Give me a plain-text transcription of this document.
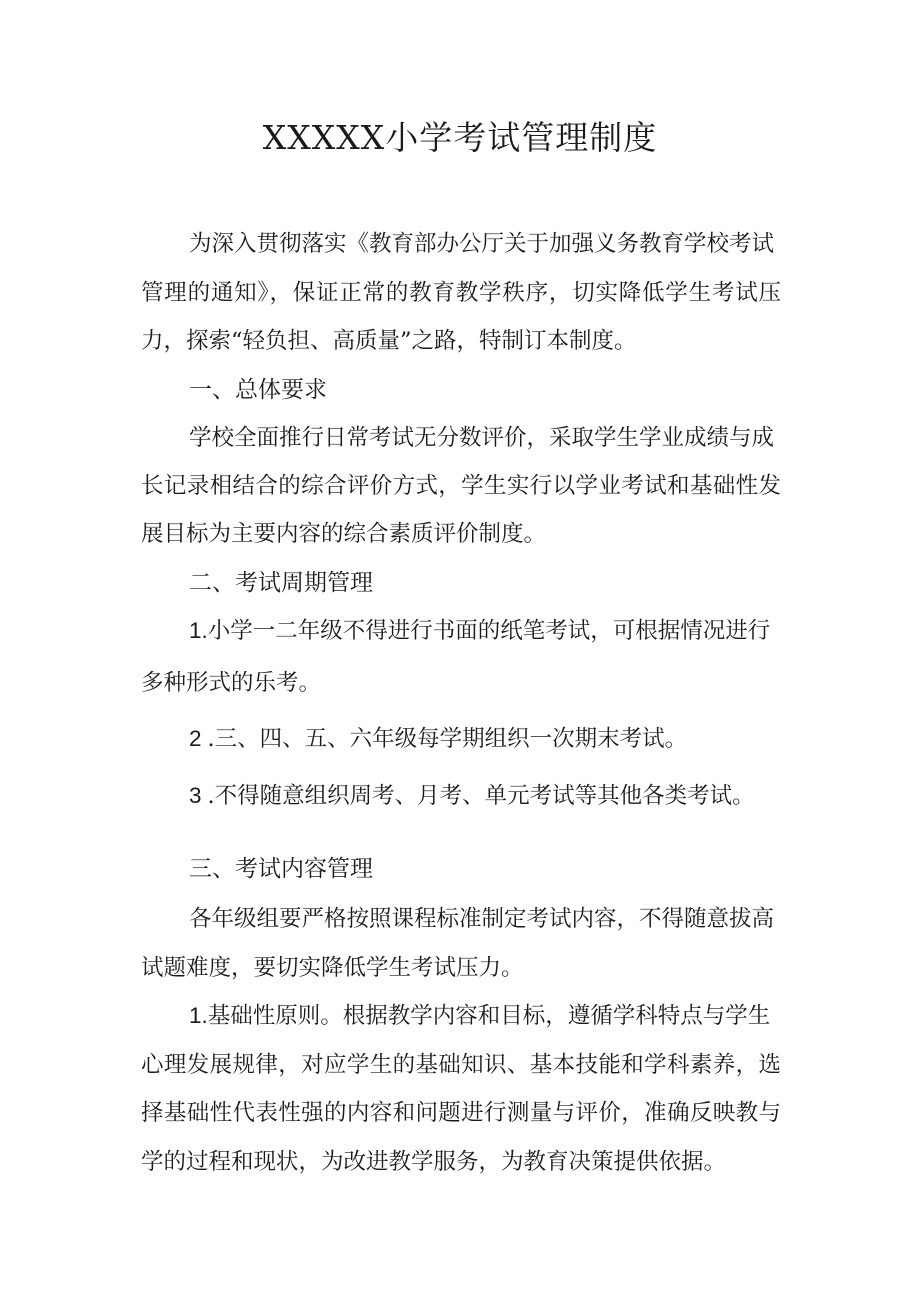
XXXXX小学考试管理制度

为深入贯彻落实《教育部办公厅关于加强义务教育学校考试

管理的通知》，保证正常的教育教学秩序，切实降低学生考试压

力，探索“轻负担、高质量”之路，特制订本制度。

一、总体要求

学校全面推行日常考试无分数评价，采取学生学业成绩与成

长记录相结合的综合评价方式，学生实行以学业考试和基础性发

展目标为主要内容的综合素质评价制度。

二、考试周期管理

1.小学一二年级不得进行书面的纸笔考试，可根据情况进行

多种形式的乐考。

2 .三、四、五、六年级每学期组织一次期末考试。

3 .不得随意组织周考、月考、单元考试等其他各类考试。

三、考试内容管理

各年级组要严格按照课程标准制定考试内容，不得随意拔高

试题难度，要切实降低学生考试压力。

1.基础性原则。根据教学内容和目标，遵循学科特点与学生

心理发展规律，对应学生的基础知识、基本技能和学科素养，选

择基础性代表性强的内容和问题进行测量与评价，准确反映教与

学的过程和现状，为改进教学服务，为教育决策提供依据。
